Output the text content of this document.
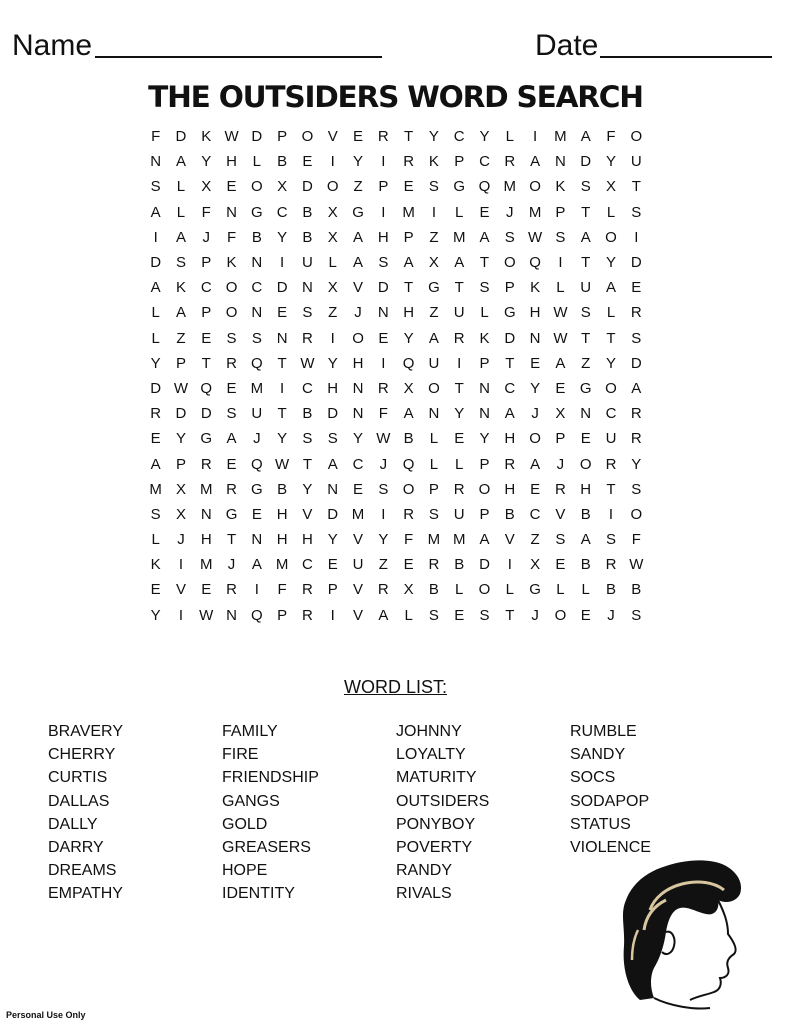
Name	Date
THE OUTSIDERS WORD SEARCH
F	D K W D P O V	E R	T	Y C Y	L	I	M A	F O
N A	Y H	L	B	E	I	Y	I	R K	P C R A N D Y U
S	L	X	E O X D O Z	P	E	S G Q M O K	S	X	T
A	L	F	N G C B	X G	I	M	I	L	E	J	M P	T	L	S
I	A	J	F	B	Y	B	X	A H P	Z M A	S W S	A O	I
D S	P	K N	I	U	L	A	S	A	X	A	T O Q	I	T	Y D
A	K C O C D N X	V D	T G T	S	P	K	L	U A	E
L	A	P O N E	S	Z	J	N H	Z	U	L	G H W S	L	R
L	Z	E	S	S N R	I	O E	Y	A R K D N W T	T	S
Y	P	T	R Q T W Y H	I	Q U	I	P	T	E	A	Z	Y D
D W Q E M	I	C H N R X O T	N C Y	E G O A
R D D S U	T	B D N	F	A N Y N A	J	X N C R
E	Y G A	J	Y	S	S	Y W B	L	E	Y H O P	E U R
A	P R E Q W T	A C	J	Q	L	L	P R A	J	O R Y
M X M R G B	Y N E	S O P R O H E R H	T	S
S	X N G E H V D M	I	R S U P	B C V	B	I	O
L	J	H	T	N H H Y	V	Y	F M M A	V	Z	S	A	S	F
K	I	M	J	A M C E U	Z	E R B D	I	X	E	B R W
E	V	E R	I	F	R P	V R X	B	L	O	L	G	L	L	B	B
Y	I	W N Q P R	I	V	A	L	S	E	S	T	J	O E	J	S
WORD LIST:
BRAVERY
CHERRY
CURTIS
DALLAS
DALLY
DARRY
DREAMS
EMPATHY
FAMILY
FIRE
FRIENDSHIP
GANGS
GOLD
GREASERS
HOPE
IDENTITY
JOHNNY
LOYALTY
MATURITY
OUTSIDERS
PONYBOY
POVERTY
RANDY
RIVALS
RUMBLE
SANDY
SOCS
SODAPOP
STATUS
VIOLENCE
Personal Use Only
